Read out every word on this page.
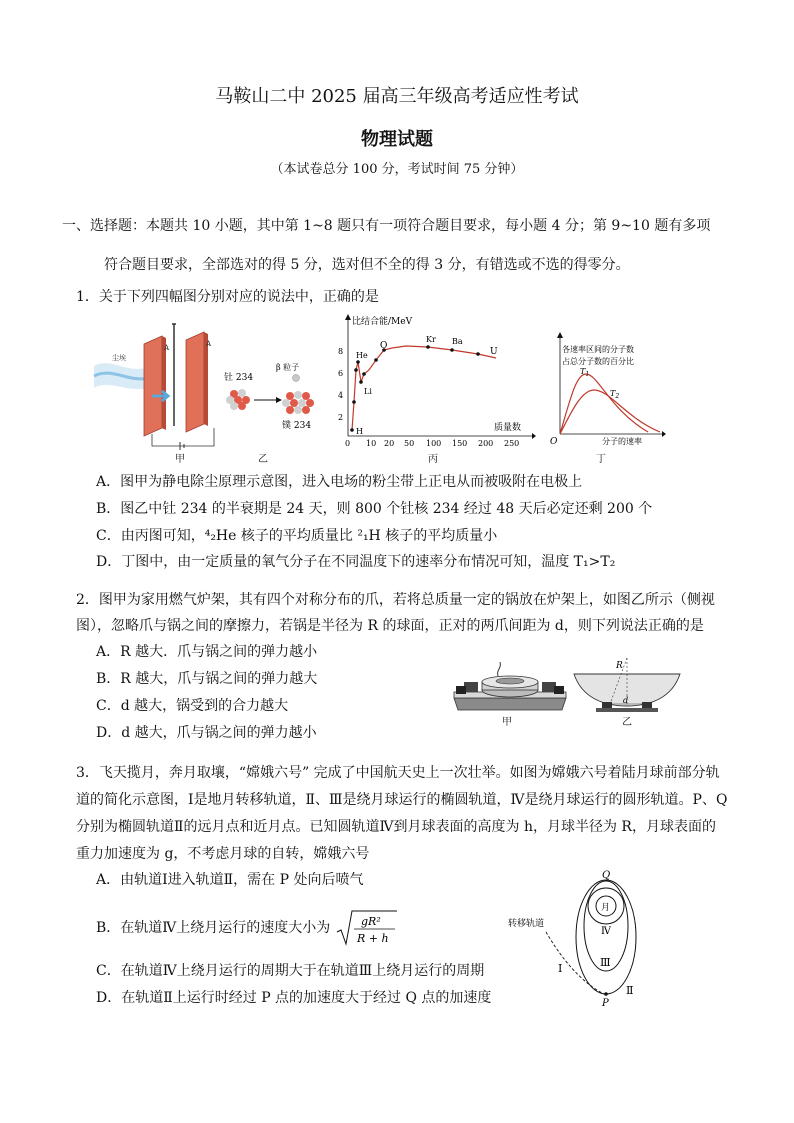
马鞍山二中 2025 届高三年级高考适应性考试
物理试题
（本试卷总分 100 分，考试时间 75 分钟）
一、选择题：本题共 10 小题，其中第 1~8 题只有一项符合题目要求，每小题 4 分；第 9~10 题有多项
符合题目要求，全部选对的得 5 分，选对但不全的得 3 分，有错选或不选的得零分。
1．关于下列四幅图分别对应的说法中，正确的是
尘埃
A	A
甲
钍 234
β 粒子
镤 234
乙
比结合能/MeV
质量数
8
6
4
2
0 10 20 50 100 150 200 250
He
Li
O
Kr Ba
U
H
丙
各速率区间的分子数
占总分子数的百分比
$T_1$
$T_2$
O	分子的速率
丁
A．图甲为静电除尘原理示意图，进入电场的粉尘带上正电从而被吸附在电极上
B．图乙中钍 234 的半衰期是 24 天，则 800 个钍核 234 经过 48 天后必定还剩 200 个
C．由丙图可知，⁴₂He 核子的平均质量比 ²₁H 核子的平均质量小
D．丁图中，由一定质量的氧气分子在不同温度下的速率分布情况可知，温度 T₁>T₂
2．图甲为家用燃气炉架，其有四个对称分布的爪，若将总质量一定的锅放在炉架上，如图乙所示（侧视
图），忽略爪与锅之间的摩擦力，若锅是半径为 R 的球面，正对的两爪间距为 d，则下列说法正确的是
A．R 越大．爪与锅之间的弹力越小
B．R 越大，爪与锅之间的弹力越大
C．d 越大，锅受到的合力越大
D．d 越大，爪与锅之间的弹力越小
甲
R
d
乙
3．飞天揽月，奔月取壤，“嫦娥六号” 完成了中国航天史上一次壮举。如图为嫦娥六号着陆月球前部分轨
道的简化示意图，Ⅰ是地月转移轨道，Ⅱ、Ⅲ是绕月球运行的椭圆轨道，Ⅳ是绕月球运行的圆形轨道。P、Q
分别为椭圆轨道Ⅱ的远月点和近月点。已知圆轨道Ⅳ到月球表面的高度为 h，月球半径为 R，月球表面的
重力加速度为 g，不考虑月球的自转，嫦娥六号
A．由轨道Ⅰ进入轨道Ⅱ，需在 P 处向后喷气
B．在轨道Ⅳ上绕月运行的速度大小为	gR²
R + h
C．在轨道Ⅳ上绕月运行的周期大于在轨道Ⅲ上绕月运行的周期
D．在轨道Ⅱ上运行时经过 P 点的加速度大于经过 Q 点的加速度
转移轨道
Ⅰ
Ⅱ
Ⅲ
Ⅳ
月
Q
P
